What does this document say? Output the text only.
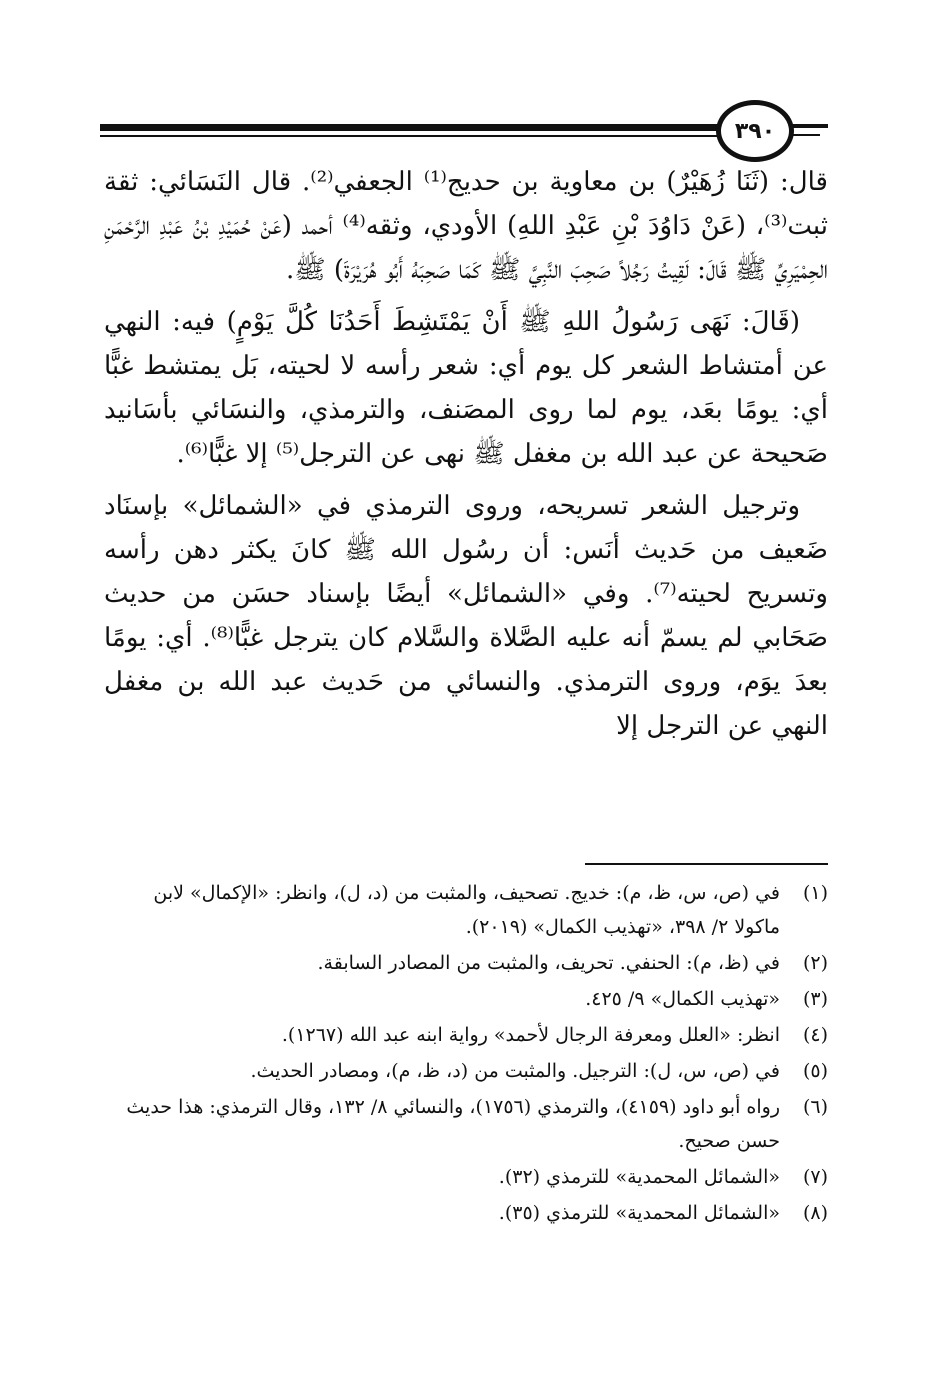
٣٩٠

قال: (ثَنَا زُهَيْرٌ) بن معاوية بن حديج⁽¹⁾ الجعفي⁽²⁾. قال النَسَائي: ثقة ثبت⁽³⁾، (عَنْ دَاوُدَ بْنِ عَبْدِ اللهِ) الأودي، وثقه⁽⁴⁾ أحمد (عَنْ حُمَيْدِ بْنُ عَبْدِ الرَّحْمَنِ الحِمْيَرِيِّ ﷺ قَالَ: لَقِيتُ رَجُلاً صَحِبَ النَّبِيَّ ﷺ كَمَا صَحِبَهُ أَبُو هُرَيْرَةَ) ﷺ.

(قَالَ: نَهَى رَسُولُ اللهِ ﷺ أَنْ يَمْتَشِطَ أَحَدُنَا كُلَّ يَوْمٍ) فيه: النهي عن أمتشاط الشعر كل يوم أي: شعر رأسه لا لحيته، بَل يمتشط غبًّا أي: يومًا بعَد، يوم لما روى المصَنف، والترمذي، والنسَائي بأسَانيد صَحيحة عن عبد الله بن مغفل ﷺ نهى عن الترجل⁽⁵⁾ إلا غبًّا⁽⁶⁾.

وترجيل الشعر تسريحه، وروى الترمذي في «الشمائل» بإسنَاد ضَعيف من حَديث أنَس: أن رسُول الله ﷺ كانَ يكثر دهن رأسه وتسريح لحيته⁽⁷⁾. وفي «الشمائل» أيضًا بإسناد حسَن من حديث صَحَابي لم يسمّ أنه عليه الصَّلاة والسَّلام كان يترجل غبًّا⁽⁸⁾. أي: يومًا بعدَ يوَم، وروى الترمذي. والنسائي من حَديث عبد الله بن مغفل النهي عن الترجل إلا

(١)
في (ص، س، ظ، م): خديج. تصحيف، والمثبت من (د، ل)، وانظر: «الإكمال» لابن ماكولا ٢/ ٣٩٨، «تهذيب الكمال» (٢٠١٩).
(٢)
في (ظ، م): الحنفي. تحريف، والمثبت من المصادر السابقة.
(٣)
«تهذيب الكمال» ٩/ ٤٢٥.
(٤)
انظر: «العلل ومعرفة الرجال لأحمد» رواية ابنه عبد الله (١٢٦٧).
(٥)
في (ص، س، ل): الترجيل. والمثبت من (د، ظ، م)، ومصادر الحديث.
(٦)
رواه أبو داود (٤١٥٩)، والترمذي (١٧٥٦)، والنسائي ٨/ ١٣٢، وقال الترمذي: هذا حديث حسن صحيح.
(٧)
«الشمائل المحمدية» للترمذي (٣٢).
(٨)
«الشمائل المحمدية» للترمذي (٣٥).
